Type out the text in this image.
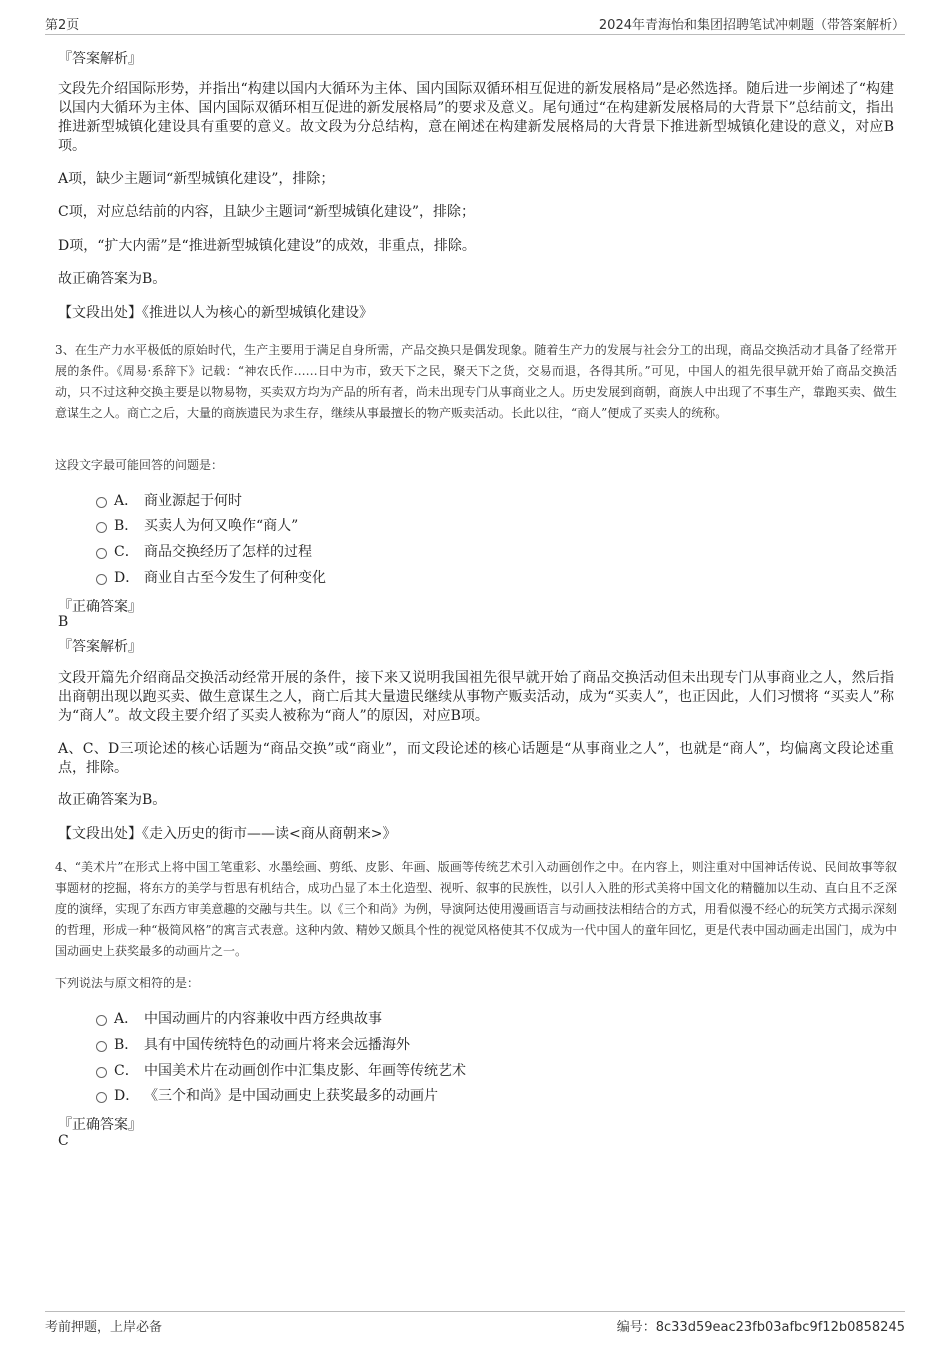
第2页	2024年青海怡和集团招聘笔试冲刺题（带答案解析）
『答案解析』
文段先介绍国际形势，并指出“构建以国内大循环为主体、国内国际双循环相互促进的新发展格局”是必然选择。随后进一步阐述了“构建以国内大循环为主体、国内国际双循环相互促进的新发展格局”的要求及意义。尾句通过“在构建新发展格局的大背景下”总结前文，指出推进新型城镇化建设具有重要的意义。故文段为分总结构，意在阐述在构建新发展格局的大背景下推进新型城镇化建设的意义，对应B项。
A项，缺少主题词“新型城镇化建设”，排除；
C项，对应总结前的内容，且缺少主题词“新型城镇化建设”，排除；
D项，“扩大内需”是“推进新型城镇化建设”的成效，非重点，排除。
故正确答案为B。
【文段出处】《推进以人为核心的新型城镇化建设》
3、在生产力水平极低的原始时代，生产主要用于满足自身所需，产品交换只是偶发现象。随着生产力的发展与社会分工的出现，商品交换活动才具备了经常开展的条件。《周易·系辞下》记载：“神农氏作……日中为市，致天下之民，聚天下之货，交易而退，各得其所。”可见，中国人的祖先很早就开始了商品交换活动，只不过这种交换主要是以物易物，买卖双方均为产品的所有者，尚未出现专门从事商业之人。历史发展到商朝，商族人中出现了不事生产，靠跑买卖、做生意谋生之人。商亡之后，大量的商族遗民为求生存，继续从事最擅长的物产贩卖活动。长此以往，“商人”便成了买卖人的统称。
这段文字最可能回答的问题是：
A． 商业源起于何时
B． 买卖人为何又唤作“商人”
C． 商品交换经历了怎样的过程
D． 商业自古至今发生了何种变化
『正确答案』
B
『答案解析』
文段开篇先介绍商品交换活动经常开展的条件，接下来又说明我国祖先很早就开始了商品交换活动但未出现专门从事商业之人，然后指出商朝出现以跑买卖、做生意谋生之人，商亡后其大量遗民继续从事物产贩卖活动，成为“买卖人”，也正因此，人们习惯将 “买卖人”称为“商人”。故文段主要介绍了买卖人被称为“商人”的原因，对应B项。
A、C、D三项论述的核心话题为“商品交换”或“商业”，而文段论述的核心话题是“从事商业之人”，也就是“商人”，均偏离文段论述重点，排除。
故正确答案为B。
【文段出处】《走入历史的街市——读<商从商朝来>》
4、“美术片”在形式上将中国工笔重彩、水墨绘画、剪纸、皮影、年画、版画等传统艺术引入动画创作之中。在内容上，则注重对中国神话传说、民间故事等叙事题材的挖掘，将东方的美学与哲思有机结合，成功凸显了本土化造型、视听、叙事的民族性，以引人入胜的形式美将中国文化的精髓加以生动、直白且不乏深度的演绎，实现了东西方审美意趣的交融与共生。以《三个和尚》为例，导演阿达使用漫画语言与动画技法相结合的方式，用看似漫不经心的玩笑方式揭示深刻的哲理，形成一种“极简风格”的寓言式表意。这种内敛、精妙又颇具个性的视觉风格使其不仅成为一代中国人的童年回忆，更是代表中国动画走出国门，成为中国动画史上获奖最多的动画片之一。
下列说法与原文相符的是：
A． 中国动画片的内容兼收中西方经典故事
B． 具有中国传统特色的动画片将来会远播海外
C． 中国美术片在动画创作中汇集皮影、年画等传统艺术
D． 《三个和尚》是中国动画史上获奖最多的动画片
『正确答案』
C
考前押题，上岸必备	编号：8c33d59eac23fb03afbc9f12b0858245
